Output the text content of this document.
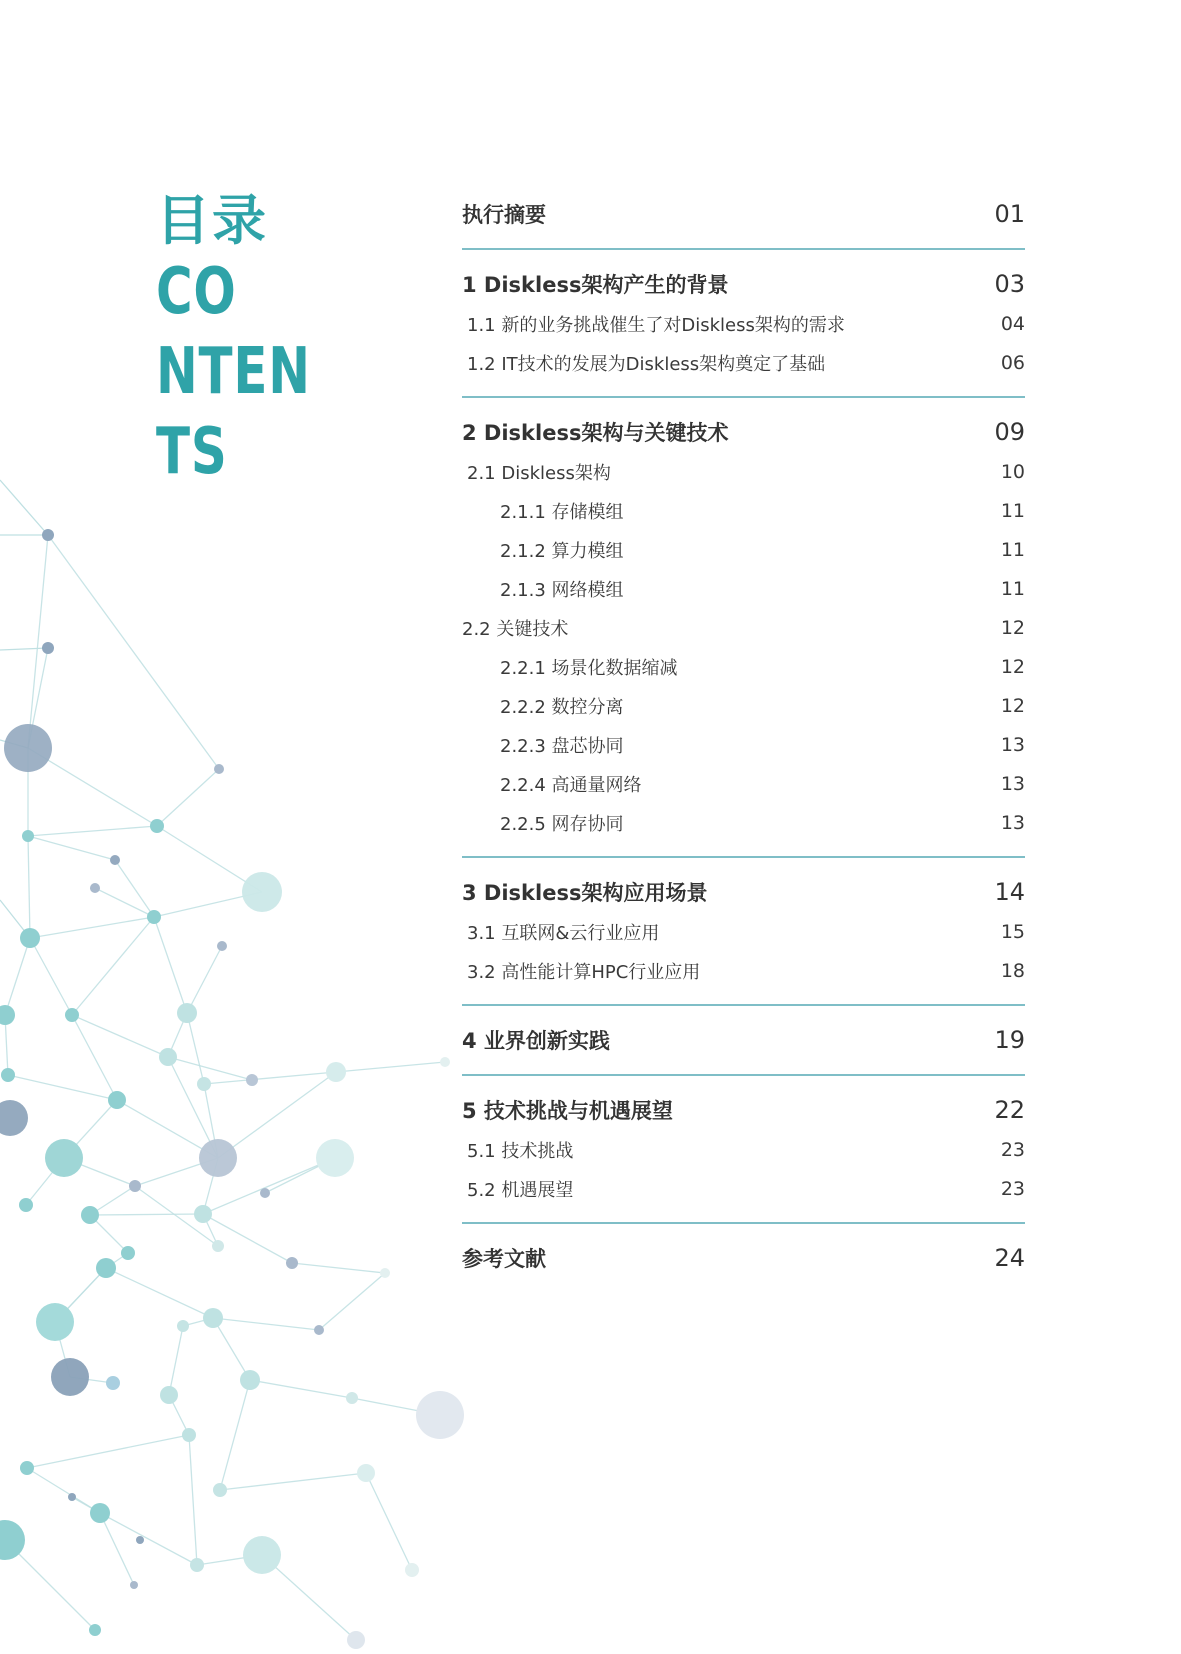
目录
CO
NTEN
TS
执行摘要	01
1 Diskless架构产生的背景	03
1.1 新的业务挑战催生了对Diskless架构的需求	04
1.2 IT技术的发展为Diskless架构奠定了基础	06
2 Diskless架构与关键技术	09
2.1 Diskless架构	10
2.1.1 存储模组	11
2.1.2 算力模组	11
2.1.3 网络模组	11
2.2 关键技术	12
2.2.1 场景化数据缩减	12
2.2.2 数控分离	12
2.2.3 盘芯协同	13
2.2.4 高通量网络	13
2.2.5 网存协同	13
3 Diskless架构应用场景	14
3.1 互联网&云行业应用	15
3.2 高性能计算HPC行业应用	18
4 业界创新实践	19
5 技术挑战与机遇展望	22
5.1 技术挑战	23
5.2 机遇展望	23
参考文献	24
